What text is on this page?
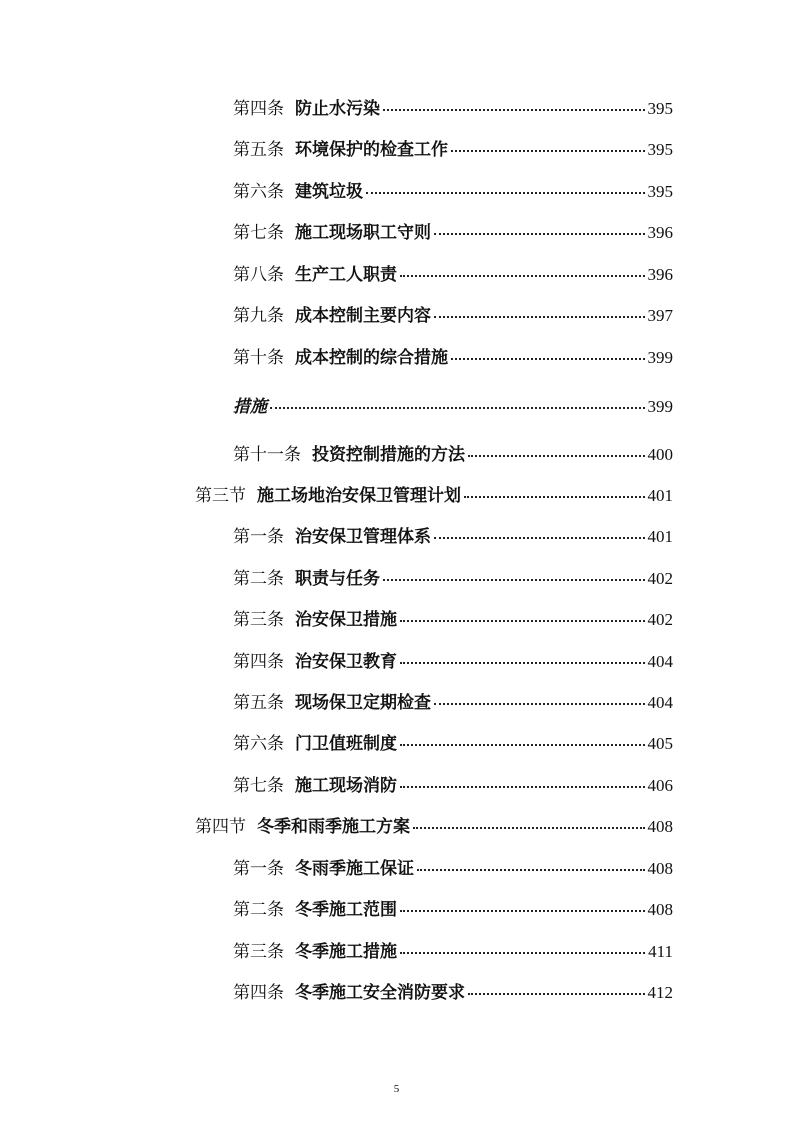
第四条 防止水污染	395
第五条 环境保护的检查工作	395
第六条 建筑垃圾	395
第七条 施工现场职工守则	396
第八条 生产工人职责	396
第九条 成本控制主要内容	397
第十条 成本控制的综合措施	399
措施	399
第十一条 投资控制措施的方法	400
第三节 施工场地治安保卫管理计划	401
第一条 治安保卫管理体系	401
第二条 职责与任务	402
第三条 治安保卫措施	402
第四条 治安保卫教育	404
第五条 现场保卫定期检查	404
第六条 门卫值班制度	405
第七条 施工现场消防	406
第四节 冬季和雨季施工方案	408
第一条 冬雨季施工保证	408
第二条 冬季施工范围	408
第三条 冬季施工措施	411
第四条 冬季施工安全消防要求	412
5
